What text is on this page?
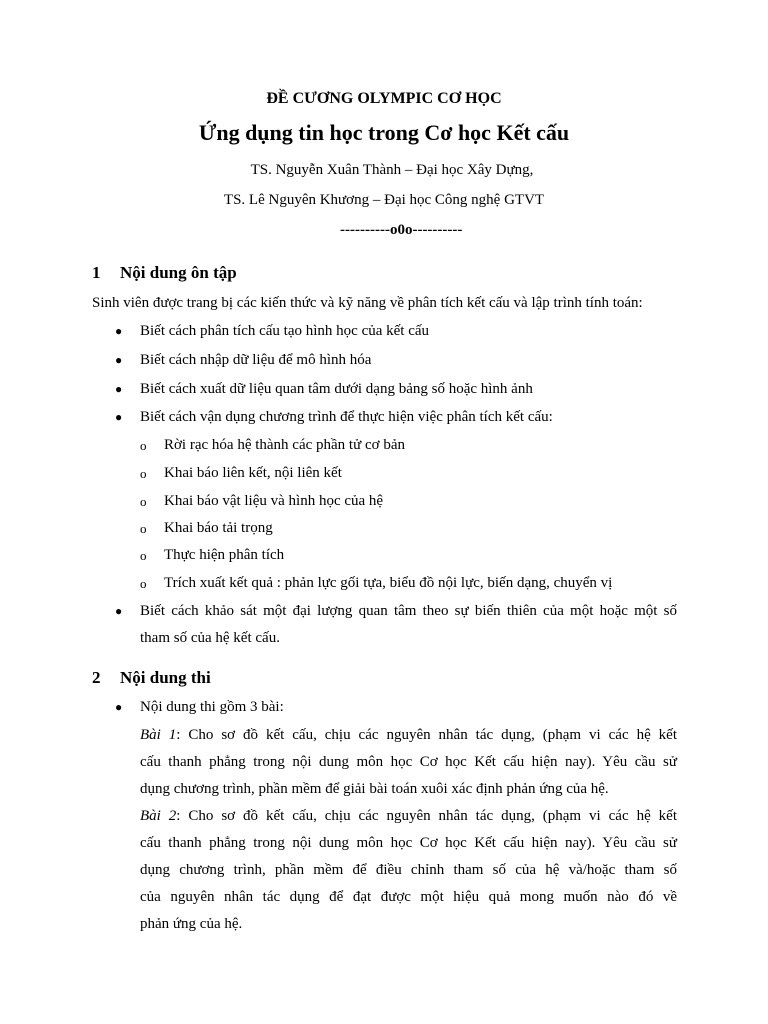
ĐỀ CƯƠNG OLYMPIC CƠ HỌC
Ứng dụng tin học trong Cơ học Kết cấu
TS. Nguyễn Xuân Thành – Đại học Xây Dựng,
TS. Lê Nguyên Khương – Đại học Công nghệ GTVT
----------o0o----------
1 Nội dung ôn tập
Sinh viên được trang bị các kiến thức và kỹ năng về phân tích kết cấu và lập trình tính toán:
● Biết cách phân tích cấu tạo hình học của kết cấu
● Biết cách nhập dữ liệu để mô hình hóa
● Biết cách xuất dữ liệu quan tâm dưới dạng bảng số hoặc hình ảnh
● Biết cách vận dụng chương trình để thực hiện việc phân tích kết cấu:
o Rời rạc hóa hệ thành các phần tử cơ bản
o Khai báo liên kết, nội liên kết
o Khai báo vật liệu và hình học của hệ
o Khai báo tải trọng
o Thực hiện phân tích
o Trích xuất kết quả : phản lực gối tựa, biểu đồ nội lực, biến dạng, chuyển vị
● Biết cách khảo sát một đại lượng quan tâm theo sự biến thiên của một hoặc một số
tham số của hệ kết cấu.
2 Nội dung thi
● Nội dung thi gồm 3 bài:
Bài 1: Cho sơ đồ kết cấu, chịu các nguyên nhân tác dụng, (phạm vi các hệ kết
cấu thanh phẳng trong nội dung môn học Cơ học Kết cấu hiện nay). Yêu cầu sử
dụng chương trình, phần mềm để giải bài toán xuôi xác định phản ứng của hệ.
Bài 2: Cho sơ đồ kết cấu, chịu các nguyên nhân tác dụng, (phạm vi các hệ kết
cấu thanh phẳng trong nội dung môn học Cơ học Kết cấu hiện nay). Yêu cầu sử
dụng chương trình, phần mềm để điều chỉnh tham số của hệ và/hoặc tham số
của nguyên nhân tác dụng để đạt được một hiệu quả mong muốn nào đó về
phản ứng của hệ.
